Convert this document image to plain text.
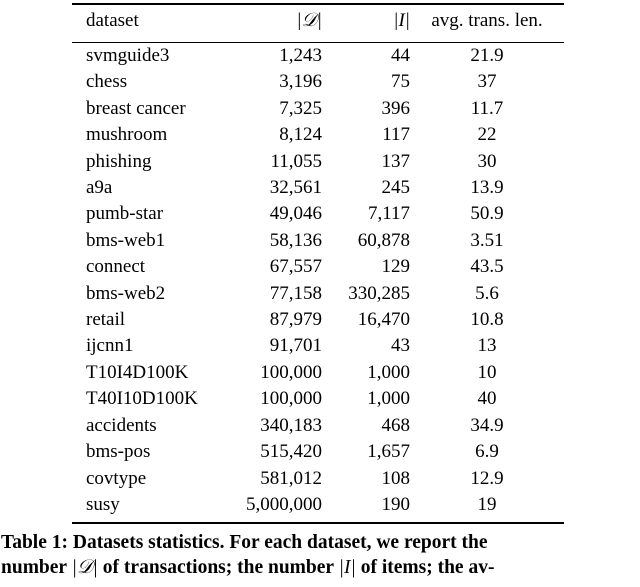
dataset	|𝒟|	|I|	avg. trans. len.
svmguide3	1,243	44	21.9
chess	3,196	75	37
breast cancer	7,325	396	11.7
mushroom	8,124	117	22
phishing	11,055	137	30
a9a	32,561	245	13.9
pumb-star	49,046	7,117	50.9
bms-web1	58,136	60,878	3.51
connect	67,557	129	43.5
bms-web2	77,158	330,285	5.6
retail	87,979	16,470	10.8
ijcnn1	91,701	43	13
T10I4D100K	100,000	1,000	10
T40I10D100K	100,000	1,000	40
accidents	340,183	468	34.9
bms-pos	515,420	1,657	6.9
covtype	581,012	108	12.9
susy	5,000,000	190	19
Table 1: Datasets statistics. For each dataset, we report the
number |𝒟| of transactions; the number |I| of items; the av-
